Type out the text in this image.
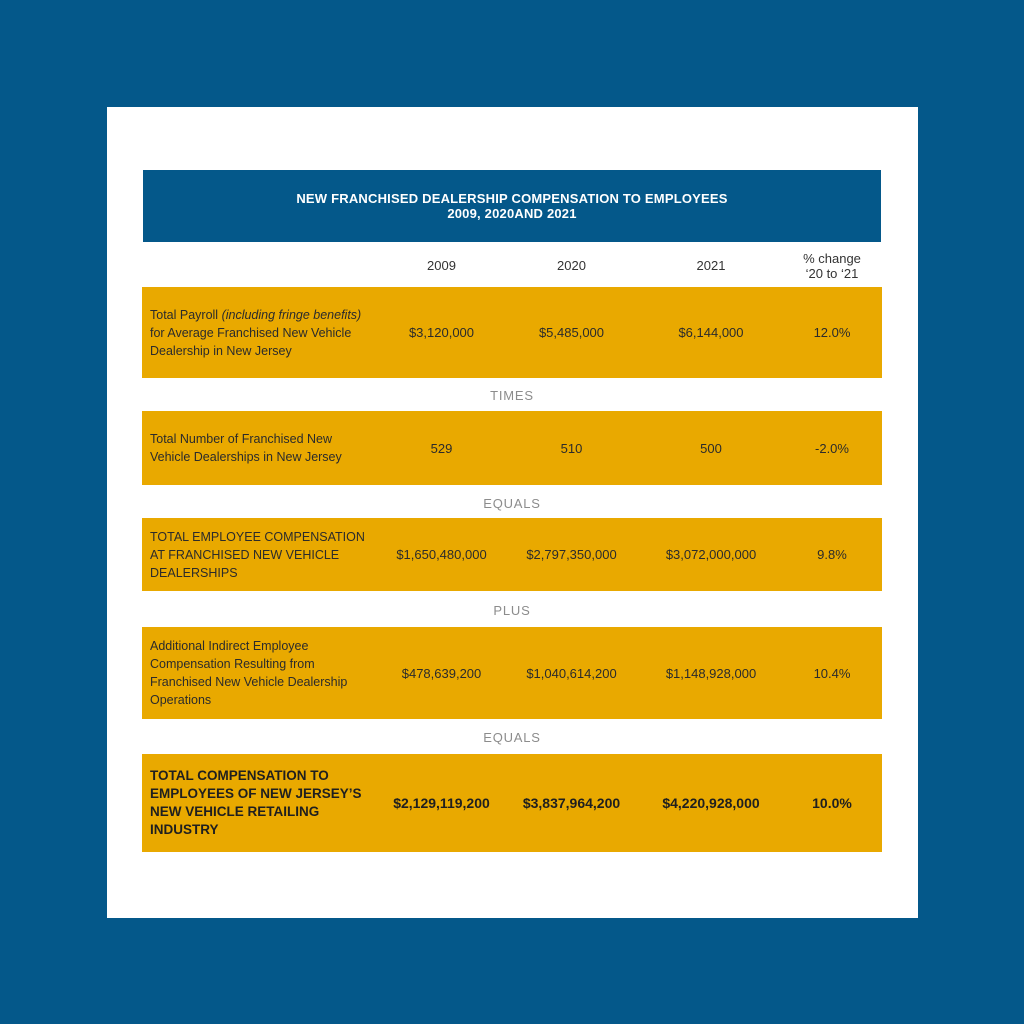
NEW FRANCHISED DEALERSHIP COMPENSATION TO EMPLOYEES
2009, 2020AND 2021
2009	2020	2021	% change
‘20 to ‘21
Total Payroll (including fringe benefits) for Average Franchised New Vehicle Dealership in New Jersey
$3,120,000	$5,485,000	$6,144,000	12.0%
TIMES
Total Number of Franchised New Vehicle Dealerships in New Jersey
529	510	500	-2.0%
EQUALS
TOTAL EMPLOYEE COMPENSATION AT FRANCHISED NEW VEHICLE DEALERSHIPS
$1,650,480,000	$2,797,350,000	$3,072,000,000	9.8%
PLUS
Additional Indirect Employee Compensation Resulting from Franchised New Vehicle Dealership Operations
$478,639,200	$1,040,614,200	$1,148,928,000	10.4%
EQUALS
TOTAL COMPENSATION TO EMPLOYEES OF NEW JERSEY’S NEW VEHICLE RETAILING INDUSTRY
$2,129,119,200	$3,837,964,200	$4,220,928,000	10.0%
